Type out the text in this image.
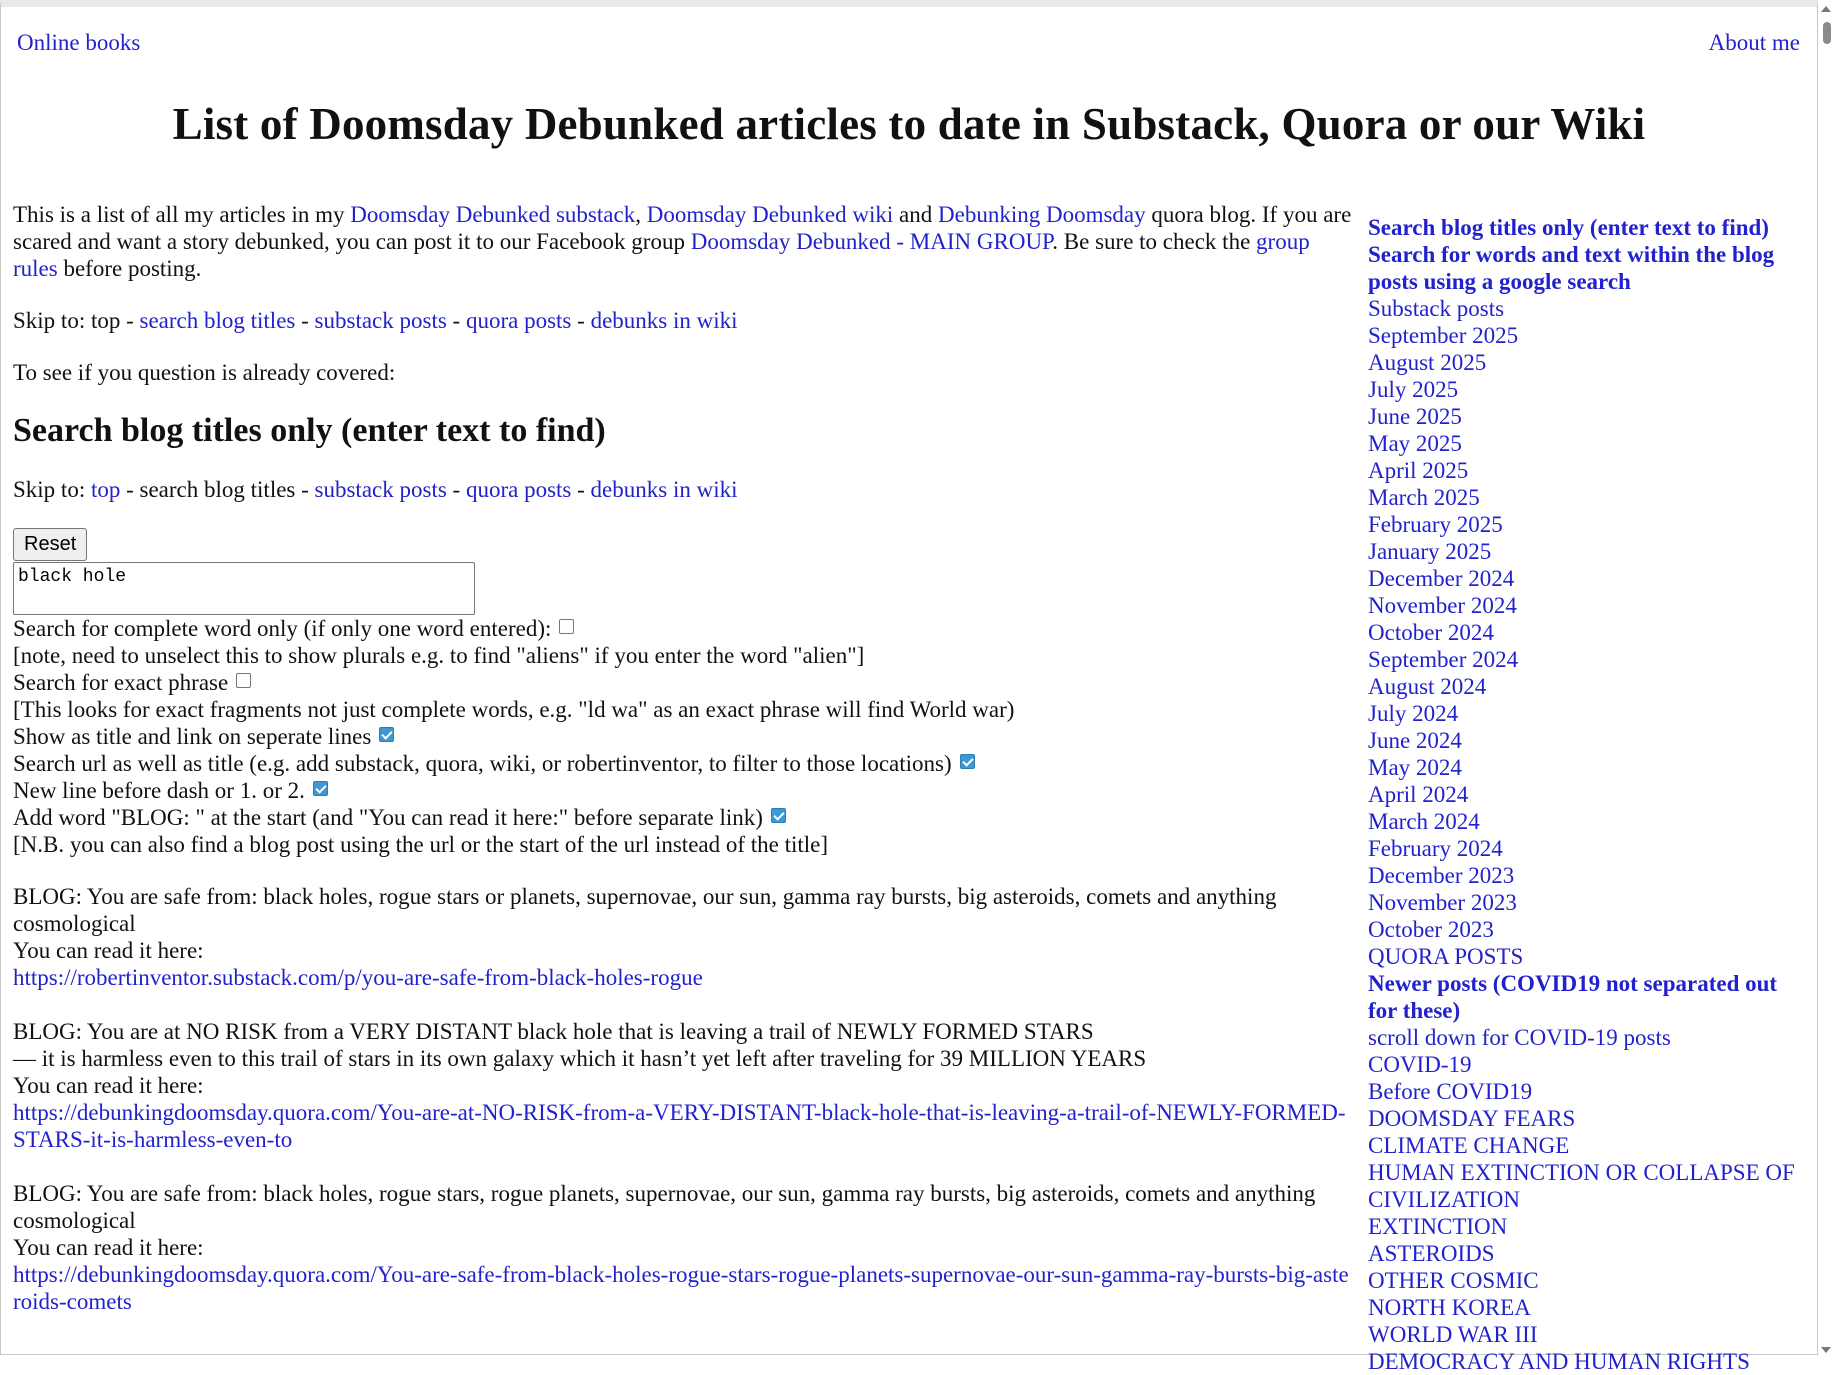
Online books	About me
List of Doomsday Debunked articles to date in Substack, Quora or our Wiki

This is a list of all my articles in my Doomsday Debunked substack, Doomsday Debunked wiki and Debunking Doomsday quora blog. If you are scared and want a story debunked, you can post it to our Facebook group Doomsday Debunked - MAIN GROUP. Be sure to check the group rules before posting.

Skip to: top - search blog titles - substack posts - quora posts - debunks in wiki

To see if you question is already covered:

Search blog titles only (enter text to find)

Skip to: top - search blog titles - substack posts - quora posts - debunks in wiki

Reset
black hole
Search for complete word only (if only one word entered):
[note, need to unselect this to show plurals e.g. to find "aliens" if you enter the word "alien"]
Search for exact phrase
[This looks for exact fragments not just complete words, e.g. "ld wa" as an exact phrase will find World war)
Show as title and link on seperate lines
Search url as well as title (e.g. add substack, quora, wiki, or robertinventor, to filter to those locations)
New line before dash or 1. or 2.
Add word "BLOG: " at the start (and "You can read it here:" before separate link)
[N.B. you can also find a blog post using the url or the start of the url instead of the title]
BLOG: You are safe from: black holes, rogue stars or planets, supernovae, our sun, gamma ray bursts, big asteroids, comets and anything cosmological
You can read it here:
https://robertinventor.substack.com/p/you-are-safe-from-black-holes-rogue
BLOG: You are at NO RISK from a VERY DISTANT black hole that is leaving a trail of NEWLY FORMED STARS
— it is harmless even to this trail of stars in its own galaxy which it hasn’t yet left after traveling for 39 MILLION YEARS
You can read it here:
https://debunkingdoomsday.quora.com/You-are-at-NO-RISK-from-a-VERY-DISTANT-black-hole-that-is-leaving-a-trail-of-NEWLY-FORMED-STARS-it-is-harmless-even-to
BLOG: You are safe from: black holes, rogue stars, rogue planets, supernovae, our sun, gamma ray bursts, big asteroids, comets and anything cosmological
You can read it here:
https://debunkingdoomsday.quora.com/You-are-safe-from-black-holes-rogue-stars-rogue-planets-supernovae-our-sun-gamma-ray-bursts-big-asteroids-comets
Search blog titles only (enter text to find)
Search for words and text within the blog posts using a google search
Substack posts
September 2025
August 2025
July 2025
June 2025
May 2025
April 2025
March 2025
February 2025
January 2025
December 2024
November 2024
October 2024
September 2024
August 2024
July 2024
June 2024
May 2024
April 2024
March 2024
February 2024
December 2023
November 2023
October 2023
QUORA POSTS
Newer posts (COVID19 not separated out for these)
scroll down for COVID-19 posts
COVID-19
Before COVID19
DOOMSDAY FEARS
CLIMATE CHANGE
HUMAN EXTINCTION OR COLLAPSE OF CIVILIZATION
EXTINCTION
ASTEROIDS
OTHER COSMIC
NORTH KOREA
WORLD WAR III
DEMOCRACY AND HUMAN RIGHTS
